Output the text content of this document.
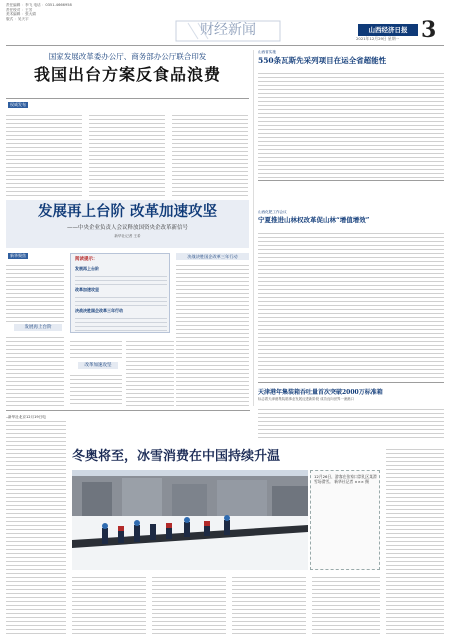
责任编辑 ：李飞 电话 ：0351-4666958
责任校对 ：王芳
美术编辑 ：张大娟
版式 ：吴天宇
财经新闻	山西经济日报
2021年12月29日 星期一 3
国家发展改革委办公厅、商务部办公厅联合印发
我国出台方案反食品浪费
权威发布
发展再上台阶 改革加速攻坚
——中央企业负责人会议释放国资央企改革新信号
新华社记者 王希
新华聚焦
发展再上台阶
阅读提示：
发展再上台阶
改革加速攻坚
决战决胜国企改革三年行动
改革加速攻坚
决战决胜国企改革三年行动
山西省实施
550条瓦斯先采列项目在运全省超能性
山西化肥工作会议
宁夏推进山林权改革促山林“增值增效”
天津港年集装箱吞吐量首次突破2000万标准箱
标志着天津港集装箱事业发展迈进新阶段 成功迈向世界一流港口
新华社北京12月19日电
冬奥将至，冰雪消费在中国持续升温
12月26日，游客在张家口崇礼区某滑雪场滑雪。 新华社记者 ××× 摄
